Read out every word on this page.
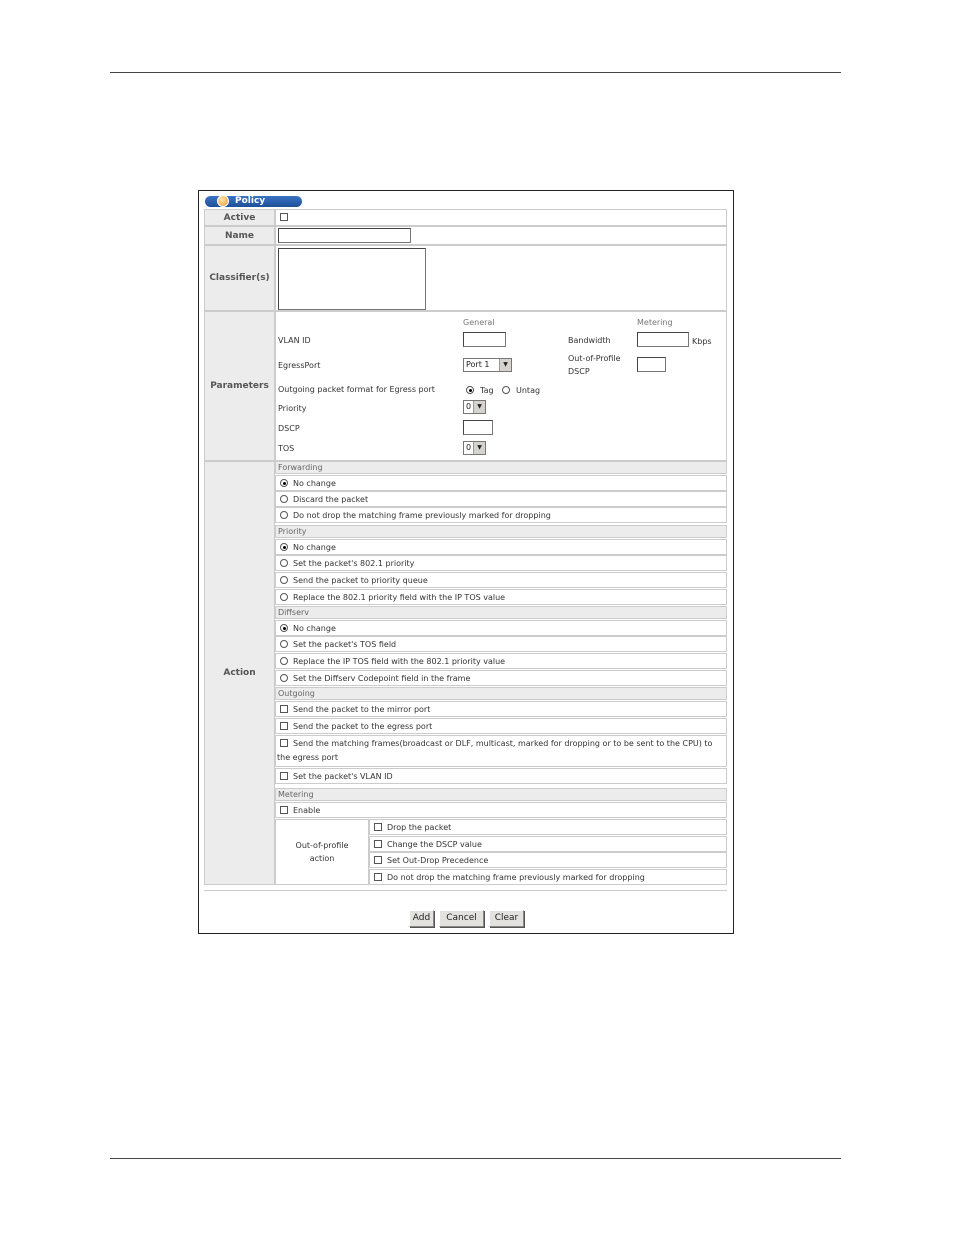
Policy
Active
Name
Classifier(s)
Parameters
General	Metering
VLAN ID	Bandwidth	Kbps
EgressPort	Port 1	▼
Out-of-Profile
DSCP
Outgoing packet format for Egress port	Tag	Untag
Priority	0	▼
DSCP
TOS	0	▼
Action
Forwarding
No change
Discard the packet
Do not drop the matching frame previously marked for dropping
Priority
No change
Set the packet's 802.1 priority
Send the packet to priority queue
Replace the 802.1 priority field with the IP TOS value
Diffserv
No change
Set the packet's TOS field
Replace the IP TOS field with the 802.1 priority value
Set the Diffserv Codepoint field in the frame
Outgoing
Send the packet to the mirror port
Send the packet to the egress port
Send the matching frames(broadcast or DLF, multicast, marked for dropping or to be sent to the CPU) to
the egress port
Set the packet's VLAN ID
Metering
Enable
Out-of-profile
action
Drop the packet
Change the DSCP value
Set Out-Drop Precedence
Do not drop the matching frame previously marked for dropping
Add	Cancel	Clear
